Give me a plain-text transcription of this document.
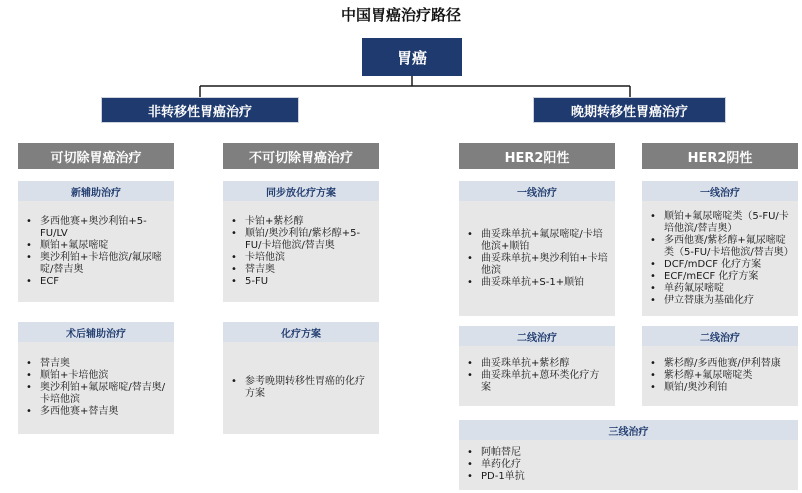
中国胃癌治疗路径
胃癌
非转移性胃癌治疗	晚期转移性胃癌治疗
可切除胃癌治疗	不可切除胃癌治疗	HER2阳性	HER2阴性
新辅助治疗
• 多西他赛+奥沙利铂+5-FU/LV
• 顺铂+氟尿嘧啶
• 奥沙利铂+卡培他滨/氟尿嘧啶/替吉奥
• ECF
术后辅助治疗
• 替吉奥
• 顺铂+卡培他滨
• 奥沙利铂+氟尿嘧啶/替吉奥/卡培他滨
• 多西他赛+替吉奥
同步放化疗方案
• 卡铂+紫杉醇
• 顺铂/奥沙利铂/紫杉醇+5-FU/卡培他滨/替吉奥
• 卡培他滨
• 替吉奥
• 5-FU
化疗方案
• 参考晚期转移性胃癌的化疗方案
一线治疗
• 曲妥珠单抗+氟尿嘧啶/卡培他滨+顺铂
• 曲妥珠单抗+奥沙利铂+卡培他滨
• 曲妥珠单抗+S-1+顺铂
二线治疗
• 曲妥珠单抗+紫杉醇
• 曲妥珠单抗+蒽环类化疗方案
一线治疗
• 顺铂+氟尿嘧啶类（5-FU/卡培他滨/替吉奥）
• 多西他赛/紫杉醇+氟尿嘧啶类（5-FU/卡培他滨/替吉奥）
• DCF/mDCF 化疗方案
• ECF/mECF 化疗方案
• 单药氟尿嘧啶
• 伊立替康为基础化疗
二线治疗
• 紫杉醇/多西他赛/伊利替康
• 紫杉醇+氟尿嘧啶类
• 顺铂/奥沙利铂
三线治疗
• 阿帕替尼
• 单药化疗
• PD-1单抗
